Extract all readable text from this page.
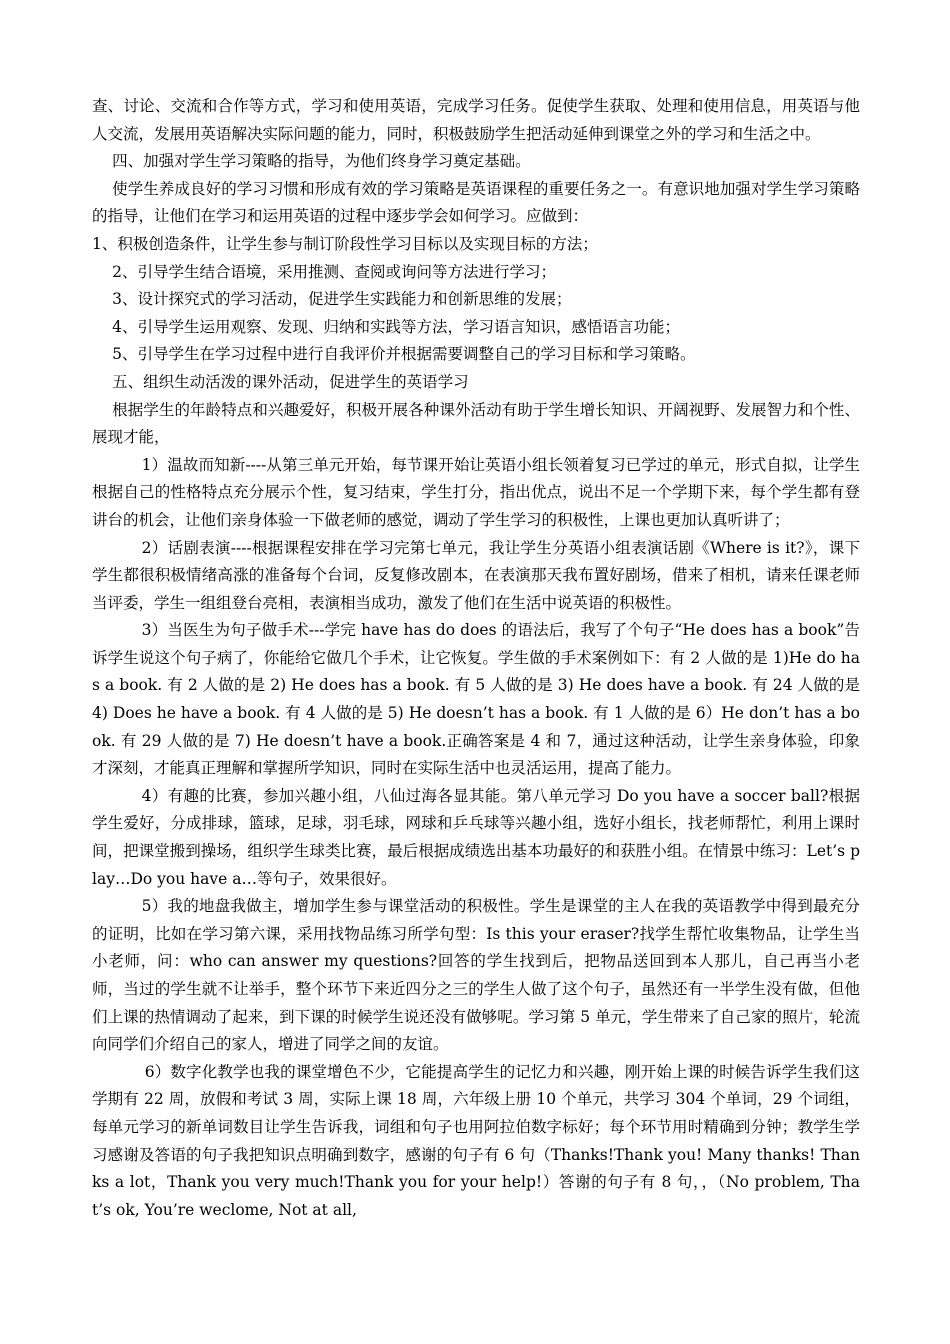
查、讨论、交流和合作等方式，学习和使用英语，完成学习任务。促使学生获取、处理和使用信息，用英语与他人交流，发展用英语解决实际问题的能力，同时，积极鼓励学生把活动延伸到课堂之外的学习和生活之中。

四、加强对学生学习策略的指导，为他们终身学习奠定基础。

使学生养成良好的学习习惯和形成有效的学习策略是英语课程的重要任务之一。有意识地加强对学生学习策略的指导，让他们在学习和运用英语的过程中逐步学会如何学习。应做到：

1、积极创造条件，让学生参与制订阶段性学习目标以及实现目标的方法；

2、引导学生结合语境，采用推测、查阅或询问等方法进行学习；

3、设计探究式的学习活动，促进学生实践能力和创新思维的发展；

4、引导学生运用观察、发现、归纳和实践等方法，学习语言知识，感悟语言功能；

5、引导学生在学习过程中进行自我评价并根据需要调整自己的学习目标和学习策略。

五、组织生动活泼的课外活动，促进学生的英语学习

根据学生的年龄特点和兴趣爱好，积极开展各种课外活动有助于学生增长知识、开阔视野、发展智力和个性、展现才能，

1）温故而知新----从第三单元开始，每节课开始让英语小组长领着复习已学过的单元，形式自拟，让学生根据自己的性格特点充分展示个性，复习结束，学生打分，指出优点，说出不足一个学期下来，每个学生都有登讲台的机会，让他们亲身体验一下做老师的感觉，调动了学生学习的积极性，上课也更加认真听讲了；

2）话剧表演----根据课程安排在学习完第七单元，我让学生分英语小组表演话剧《Where is it?》，课下学生都很积极情绪高涨的准备每个台词，反复修改剧本，在表演那天我布置好剧场，借来了相机，请来任课老师当评委，学生一组组登台亮相，表演相当成功，激发了他们在生活中说英语的积极性。

3）当医生为句子做手术---学完 have has do does 的语法后，我写了个句子“He does has a book”告诉学生说这个句子病了，你能给它做几个手术，让它恢复。学生做的手术案例如下：有 2 人做的是 1)He do has a book. 有 2 人做的是 2) He does has a book. 有 5 人做的是 3) He does have a book. 有 24 人做的是 4) Does he have a book. 有 4 人做的是 5) He doesn’t has a book. 有 1 人做的是 6）He don’t has a book. 有 29 人做的是 7) He doesn’t have a book.正确答案是 4 和 7，通过这种活动，让学生亲身体验，印象才深刻，才能真正理解和掌握所学知识，同时在实际生活中也灵活运用，提高了能力。

4）有趣的比赛，参加兴趣小组，八仙过海各显其能。第八单元学习 Do you have a soccer ball?根据学生爱好，分成排球，篮球，足球，羽毛球，网球和乒乓球等兴趣小组，选好小组长，找老师帮忙，利用上课时间，把课堂搬到操场，组织学生球类比赛，最后根据成绩选出基本功最好的和获胜小组。在情景中练习：Let’s play…Do you have a…等句子，效果很好。

5）我的地盘我做主，增加学生参与课堂活动的积极性。学生是课堂的主人在我的英语教学中得到最充分的证明，比如在学习第六课，采用找物品练习所学句型：Is this your eraser?找学生帮忙收集物品，让学生当小老师，问：who can answer my questions?回答的学生找到后，把物品送回到本人那儿，自己再当小老师，当过的学生就不让举手，整个环节下来近四分之三的学生人做了这个句子，虽然还有一半学生没有做，但他们上课的热情调动了起来，到下课的时候学生说还没有做够呢。学习第 5 单元，学生带来了自己家的照片，轮流向同学们介绍自己的家人，增进了同学之间的友谊。

6）数字化教学也我的课堂增色不少，它能提高学生的记忆力和兴趣，刚开始上课的时候告诉学生我们这学期有 22 周，放假和考试 3 周，实际上课 18 周，六年级上册 10 个单元，共学习 304 个单词，29 个词组，每单元学习的新单词数目让学生告诉我，词组和句子也用阿拉伯数字标好；每个环节用时精确到分钟；教学生学习感谢及答语的句子我把知识点明确到数字，感谢的句子有 6 句（Thanks!Thank you! Many thanks! Thanks a lot，Thank you very much!Thank you for your help!）答谢的句子有 8 句，，（No problem, That’s ok, You’re weclome, Not at all,
